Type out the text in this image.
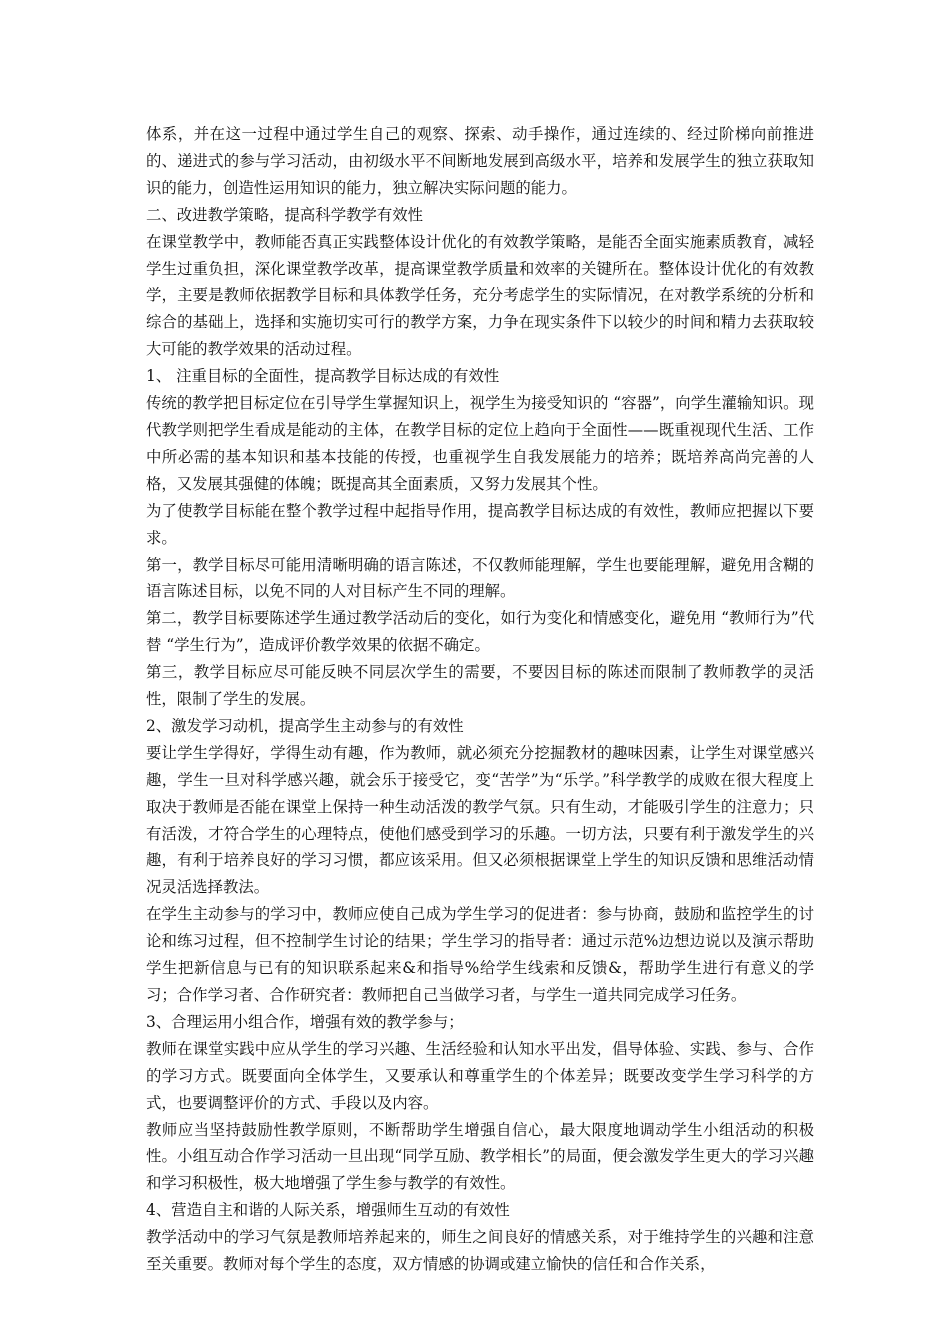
体系，并在这一过程中通过学生自己的观察、探索、动手操作，通过连续的、经过阶梯向前推进的、递进式的参与学习活动，由初级水平不间断地发展到高级水平，培养和发展学生的独立获取知识的能力，创造性运用知识的能力，独立解决实际问题的能力。

二、改进教学策略，提高科学教学有效性

在课堂教学中，教师能否真正实践整体设计优化的有效教学策略，是能否全面实施素质教育，减轻学生过重负担，深化课堂教学改革，提高课堂教学质量和效率的关键所在。整体设计优化的有效教学，主要是教师依据教学目标和具体教学任务，充分考虑学生的实际情况，在对教学系统的分析和综合的基础上，选择和实施切实可行的教学方案，力争在现实条件下以较少的时间和精力去获取较大可能的教学效果的活动过程。

1、 注重目标的全面性，提高教学目标达成的有效性

传统的教学把目标定位在引导学生掌握知识上，视学生为接受知识的 “容器”，向学生灌输知识。现代教学则把学生看成是能动的主体，在教学目标的定位上趋向于全面性——既重视现代生活、工作中所必需的基本知识和基本技能的传授，也重视学生自我发展能力的培养；既培养高尚完善的人格，又发展其强健的体魄；既提高其全面素质，又努力发展其个性。

为了使教学目标能在整个教学过程中起指导作用，提高教学目标达成的有效性，教师应把握以下要求。

第一，教学目标尽可能用清晰明确的语言陈述，不仅教师能理解，学生也要能理解，避免用含糊的语言陈述目标，以免不同的人对目标产生不同的理解。

第二，教学目标要陈述学生通过教学活动后的变化，如行为变化和情感变化，避免用 “教师行为”代替 “学生行为”，造成评价教学效果的依据不确定。

第三，教学目标应尽可能反映不同层次学生的需要，不要因目标的陈述而限制了教师教学的灵活性，限制了学生的发展。

2、激发学习动机，提高学生主动参与的有效性

要让学生学得好，学得生动有趣，作为教师，就必须充分挖掘教材的趣味因素，让学生对课堂感兴趣，学生一旦对科学感兴趣，就会乐于接受它，变“苦学”为“乐学。”科学教学的成败在很大程度上取决于教师是否能在课堂上保持一种生动活泼的教学气氛。只有生动，才能吸引学生的注意力；只有活泼，才符合学生的心理特点，使他们感受到学习的乐趣。一切方法，只要有利于激发学生的兴趣，有利于培养良好的学习习惯，都应该采用。但又必须根据课堂上学生的知识反馈和思维活动情况灵活选择教法。

在学生主动参与的学习中，教师应使自己成为学生学习的促进者：参与协商，鼓励和监控学生的讨论和练习过程，但不控制学生讨论的结果；学生学习的指导者：通过示范%边想边说以及演示帮助学生把新信息与已有的知识联系起来&和指导%给学生线索和反馈&，帮助学生进行有意义的学习；合作学习者、合作研究者：教师把自己当做学习者，与学生一道共同完成学习任务。

3、合理运用小组合作，增强有效的教学参与；

教师在课堂实践中应从学生的学习兴趣、生活经验和认知水平出发，倡导体验、实践、参与、合作的学习方式。既要面向全体学生，又要承认和尊重学生的个体差异；既要改变学生学习科学的方式，也要调整评价的方式、手段以及内容。

教师应当坚持鼓励性教学原则，不断帮助学生增强自信心，最大限度地调动学生小组活动的积极性。小组互动合作学习活动一旦出现“同学互励、教学相长”的局面，便会激发学生更大的学习兴趣和学习积极性，极大地增强了学生参与教学的有效性。

4、营造自主和谐的人际关系，增强师生互动的有效性

教学活动中的学习气氛是教师培养起来的，师生之间良好的情感关系，对于维持学生的兴趣和注意至关重要。教师对每个学生的态度，双方情感的协调或建立愉快的信任和合作关系，
